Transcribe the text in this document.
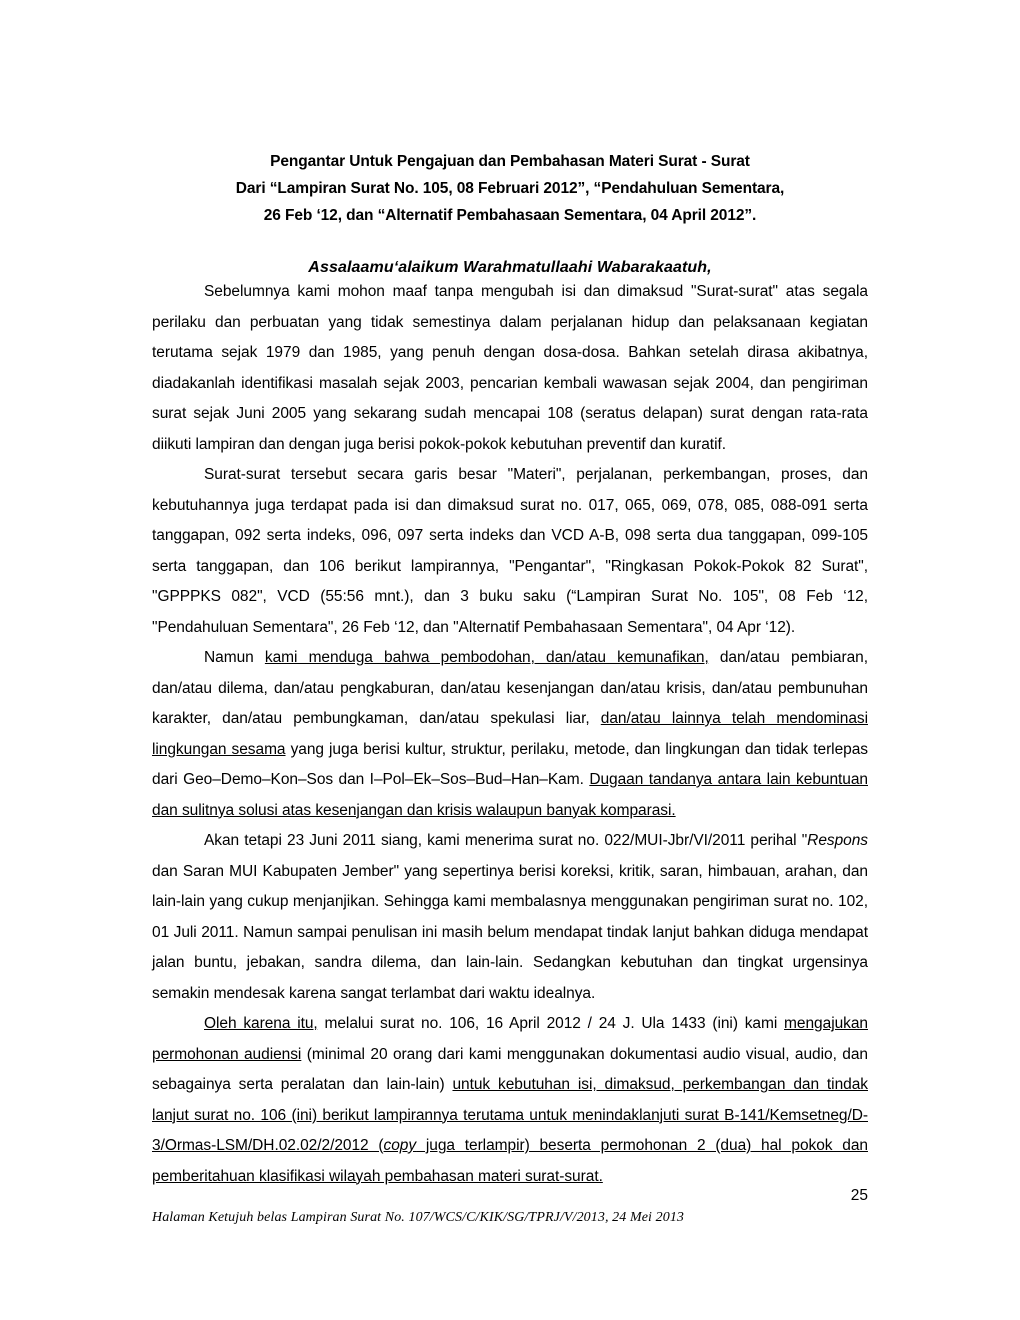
Pengantar Untuk Pengajuan dan Pembahasan Materi Surat - Surat
Dari “Lampiran Surat No. 105, 08 Februari 2012”, “Pendahuluan Sementara,
26 Feb ‘12, dan “Alternatif Pembahasaan Sementara, 04 April 2012”.
Assalaamu‘alaikum Warahmatullaahi Wabarakaatuh,

Sebelumnya kami mohon maaf tanpa mengubah isi dan dimaksud "Surat-surat" atas segala perilaku dan perbuatan yang tidak semestinya dalam perjalanan hidup dan pelaksanaan kegiatan terutama sejak 1979 dan 1985, yang penuh dengan dosa-dosa. Bahkan setelah dirasa akibatnya, diadakanlah identifikasi masalah sejak 2003, pencarian kembali wawasan sejak 2004, dan pengiriman surat sejak Juni 2005 yang sekarang sudah mencapai 108 (seratus delapan) surat dengan rata-rata diikuti lampiran dan dengan juga berisi pokok-pokok kebutuhan preventif dan kuratif.

Surat-surat tersebut secara garis besar "Materi", perjalanan, perkembangan, proses, dan kebutuhannya juga terdapat pada isi dan dimaksud surat no. 017, 065, 069, 078, 085, 088-091 serta tanggapan, 092 serta indeks, 096, 097 serta indeks dan VCD A-B, 098 serta dua tanggapan, 099-105 serta tanggapan, dan 106 berikut lampirannya, "Pengantar", "Ringkasan Pokok-Pokok 82 Surat", "GPPPKS 082", VCD (55:56 mnt.), dan 3 buku saku (“Lampiran Surat No. 105", 08 Feb ‘12, "Pendahuluan Sementara", 26 Feb ‘12, dan "Alternatif Pembahasaan Sementara", 04 Apr ‘12).

Namun kami menduga bahwa pembodohan, dan/atau kemunafikan, dan/atau pembiaran, dan/atau dilema, dan/atau pengkaburan, dan/atau kesenjangan dan/atau krisis, dan/atau pembunuhan karakter, dan/atau pembungkaman, dan/atau spekulasi liar, dan/atau lainnya telah mendominasi lingkungan sesama yang juga berisi kultur, struktur, perilaku, metode, dan lingkungan dan tidak terlepas dari Geo–Demo–Kon–Sos dan I–Pol–Ek–Sos–Bud–Han–Kam. Dugaan tandanya antara lain kebuntuan dan sulitnya solusi atas kesenjangan dan krisis walaupun banyak komparasi.

Akan tetapi 23 Juni 2011 siang, kami menerima surat no. 022/MUI-Jbr/VI/2011 perihal "Respons dan Saran MUI Kabupaten Jember" yang sepertinya berisi koreksi, kritik, saran, himbauan, arahan, dan lain-lain yang cukup menjanjikan. Sehingga kami membalasnya menggunakan pengiriman surat no. 102, 01 Juli 2011. Namun sampai penulisan ini masih belum mendapat tindak lanjut bahkan diduga mendapat jalan buntu, jebakan, sandra dilema, dan lain-lain. Sedangkan kebutuhan dan tingkat urgensinya semakin mendesak karena sangat terlambat dari waktu idealnya.

Oleh karena itu, melalui surat no. 106, 16 April 2012 / 24 J. Ula 1433 (ini) kami mengajukan permohonan audiensi (minimal 20 orang dari kami menggunakan dokumentasi audio visual, audio, dan sebagainya serta peralatan dan lain-lain) untuk kebutuhan isi, dimaksud, perkembangan dan tindak lanjut surat no. 106 (ini) berikut lampirannya terutama untuk menindaklanjuti surat B-141/Kemsetneg/D-3/Ormas-LSM/DH.02.02/2/2012 (copy juga terlampir) beserta permohonan 2 (dua) hal pokok dan pemberitahuan klasifikasi wilayah pembahasan materi surat-surat.

25
Halaman Ketujuh belas Lampiran Surat No. 107/WCS/C/KIK/SG/TPRJ/V/2013, 24 Mei 2013
